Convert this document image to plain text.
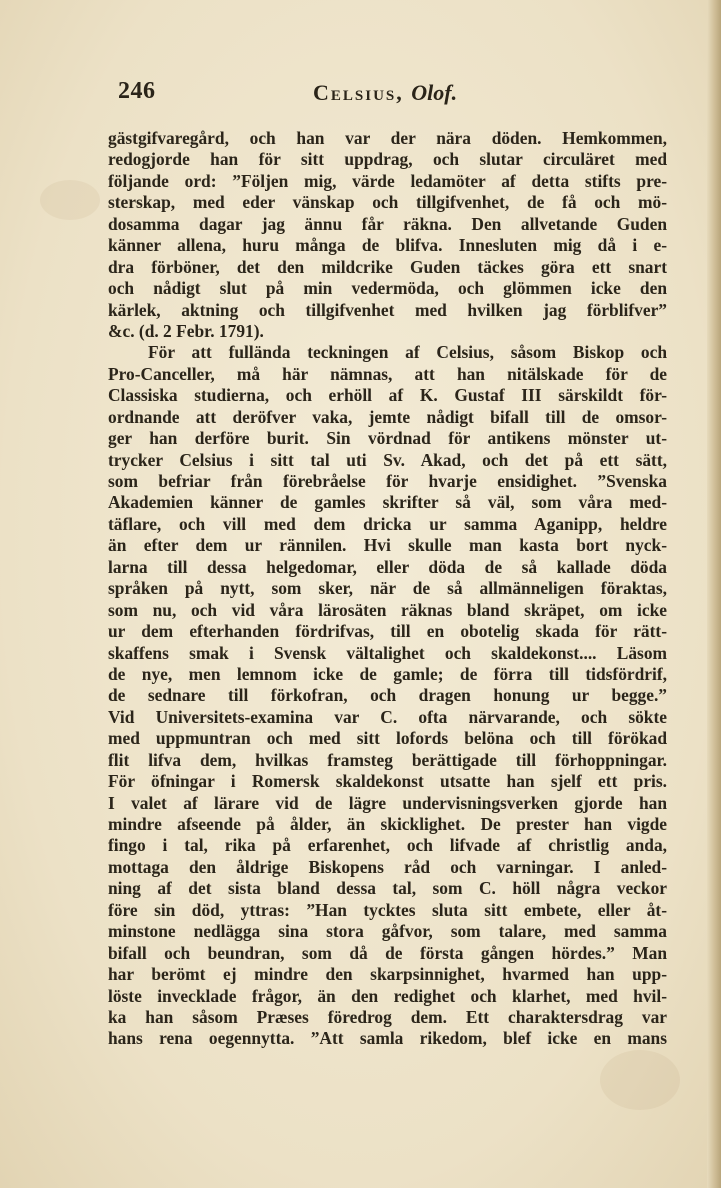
246	Celsius, Olof.
gästgifvaregård, och han var der nära döden. Hemkommen,
redogjorde han för sitt uppdrag, och slutar circuläret med
följande ord: ”Följen mig, värde ledamöter af detta stifts pre-
sterskap, med eder vänskap och tillgifvenhet, de få och mö-
dosamma dagar jag ännu får räkna. Den allvetande Guden
känner allena, huru många de blifva. Innesluten mig då i e-
dra förböner, det den mildcrike Guden täckes göra ett snart
och nådigt slut på min vedermöda, och glömmen icke den
kärlek, aktning och tillgifvenhet med hvilken jag förblifver”
&c. (d. 2 Febr. 1791).
För att fulländа teckningen af Celsius, såsom Biskop och
Pro-Canceller, må här nämnas, att han nitälskade för de
Classiska studierna, och erhöll af K. Gustaf III särskildt för-
ordnande att deröfver vaka, jemte nådigt bifall till de omsor-
ger han derföre burit. Sin vördnad för antikens mönster ut-
trycker Celsius i sitt tal uti Sv. Akad, och det på ett sätt,
som befriar från förebråelse för hvarje ensidighet. ”Svenska
Akademien känner de gamles skrifter så väl, som våra med-
täflare, och vill med dem dricka ur samma Aganipp, heldre
än efter dem ur rännilen. Hvi skulle man kasta bort nyck-
larna till dessa helgedomar, eller döda de så kallade döda
språken på nytt, som sker, när de så allmänneligen föraktas,
som nu, och vid våra lärosäten räknas bland skräpet, om icke
ur dem efterhanden fördrifvas, till en obotelig skada för rätt-
skaffens smak i Svensk vältalighet och skaldekonst.... Läsom
de nye, men lemnom icke de gamle; de förra till tidsfördrif,
de sednare till förkofran, och dragen honung ur begge.”
Vid Universitets-examina var C. ofta närvarande, och sökte
med uppmuntran och med sitt lofords belöna och till förökad
flit lifva dem, hvilkas framsteg berättigade till förhoppningar.
För öfningar i Romersk skaldekonst utsatte han sjelf ett pris.
I valet af lärare vid de lägre undervisningsverken gjorde han
mindre afseende på ålder, än skicklighet. De prester han vigde
fingo i tal, rika på erfarenhet, och lifvade af christlig anda,
mottaga den åldrige Biskopens råd och varningar. I anled-
ning af det sista bland dessa tal, som C. höll några veckor
före sin död, yttras: ”Han tycktes sluta sitt embete, eller åt-
minstone nedlägga sina stora gåfvor, som talare, med samma
bifall och beundran, som då de första gången hördes.” Man
har berömt ej mindre den skarpsinnighet, hvarmed han upp-
löste invecklade frågor, än den redighet och klarhet, med hvil-
ka han såsom Præses föredrog dem. Ett charaktersdrag var
hans rena oegennytta. ”Att samla rikedom, blef icke en mans
